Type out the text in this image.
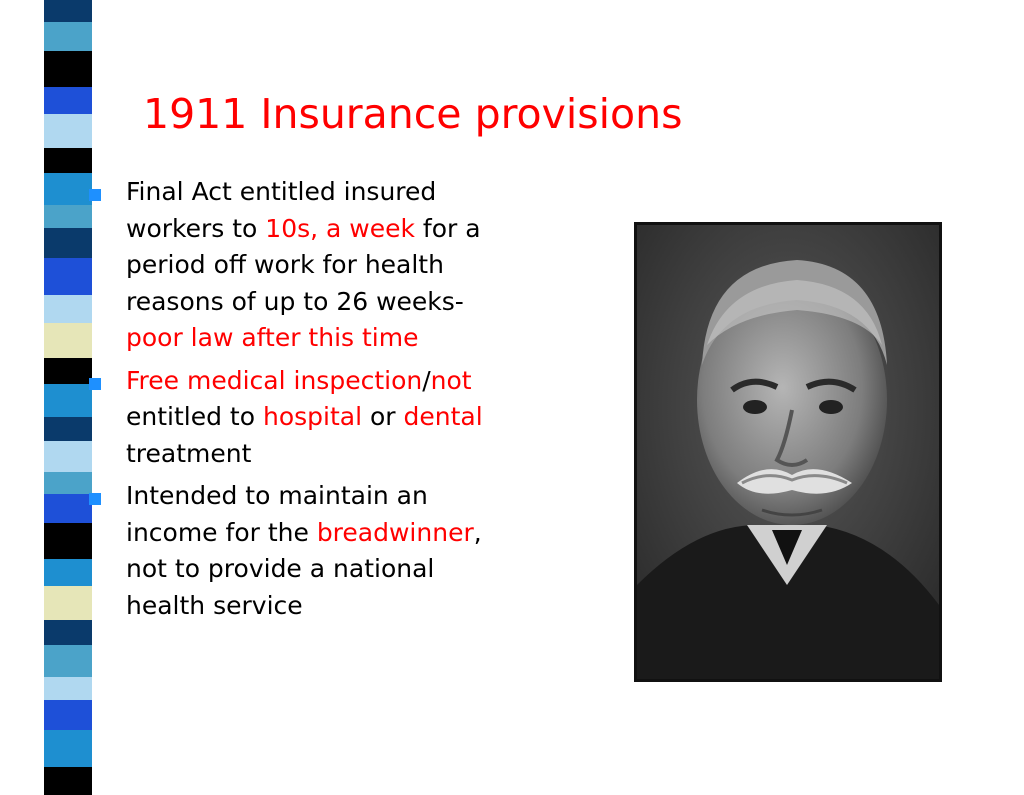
1911 Insurance provisions
Final Act entitled insured workers to 10s, a week for a period off work for health reasons of up to 26 weeks-poor law after this time
Free medical inspection/not entitled to hospital or dental treatment
Intended to maintain an income for the breadwinner, not to provide a national health service
